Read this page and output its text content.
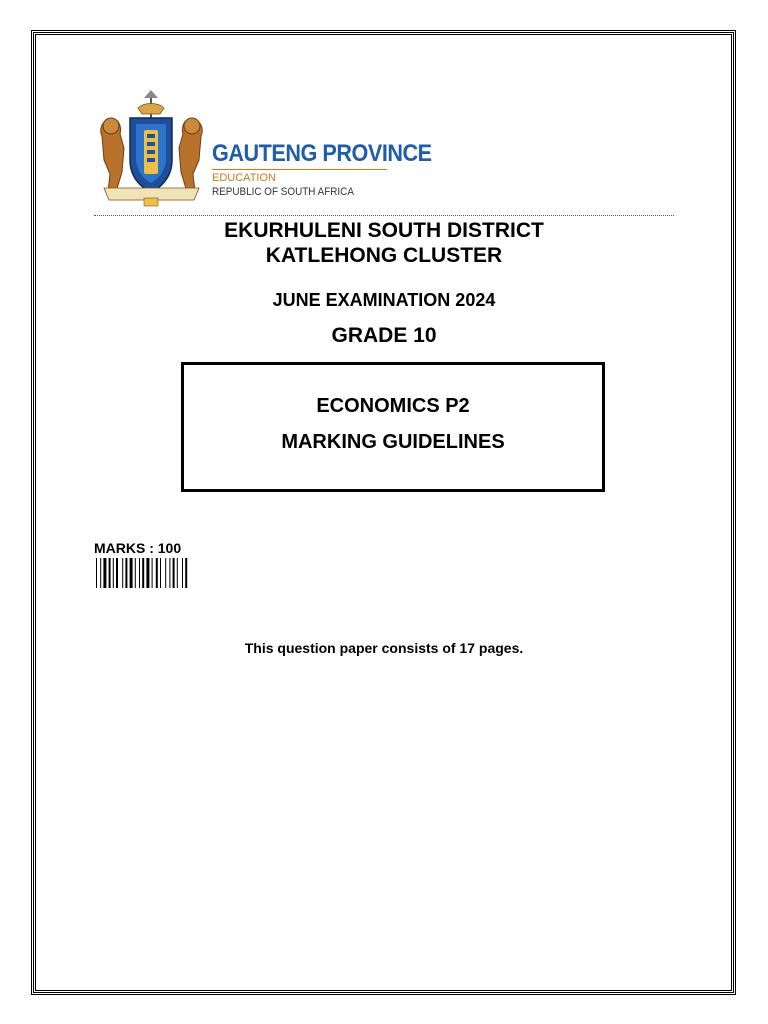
GAUTENG PROVINCE
EDUCATION
REPUBLIC OF SOUTH AFRICA
EKURHULENI SOUTH DISTRICT
KATLEHONG CLUSTER
JUNE EXAMINATION 2024
GRADE 10
ECONOMICS P2
MARKING GUIDELINES
MARKS : 100
This question paper consists of 17 pages.
